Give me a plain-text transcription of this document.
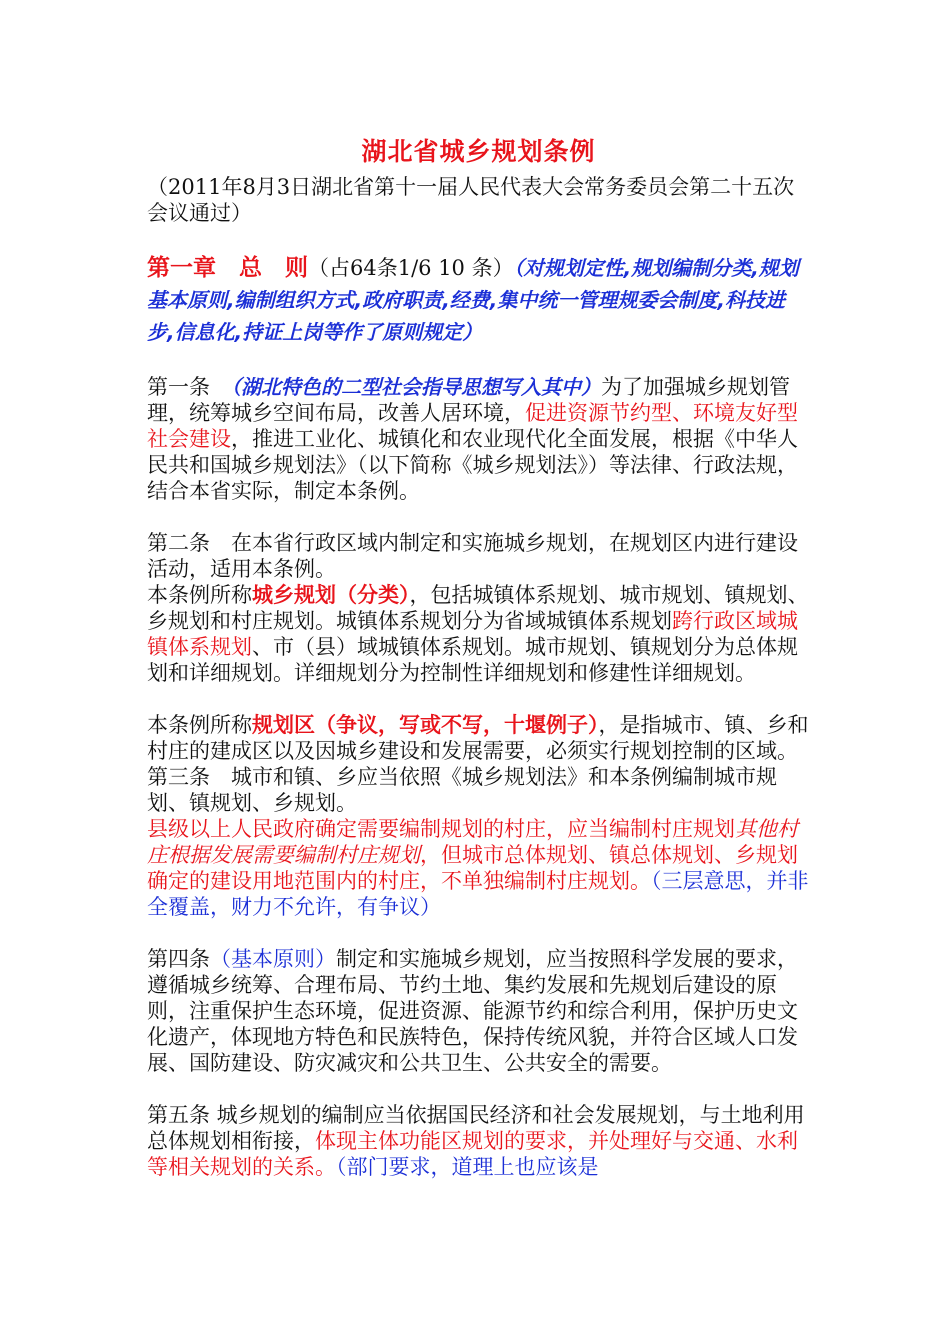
湖北省城乡规划条例

（2011年8月3日湖北省第十一届人民代表大会常务委员会第二十五次会议通过）

第一章　总　则（占64条1/6 10 条）（对规划定性,规划编制分类,规划基本原则,编制组织方式,政府职责,经费,集中统一管理规委会制度,科技进步,信息化,持证上岗等作了原则规定）

第一条　（湖北特色的二型社会指导思想写入其中）为了加强城乡规划管理，统筹城乡空间布局，改善人居环境，促进资源节约型、环境友好型社会建设，推进工业化、城镇化和农业现代化全面发展，根据《中华人民共和国城乡规划法》（以下简称《城乡规划法》）等法律、行政法规，结合本省实际，制定本条例。

第二条　在本省行政区域内制定和实施城乡规划，在规划区内进行建设活动，适用本条例。

本条例所称城乡规划（分类），包括城镇体系规划、城市规划、镇规划、乡规划和村庄规划。城镇体系规划分为省域城镇体系规划跨行政区域城镇体系规划、市（县）域城镇体系规划。城市规划、镇规划分为总体规划和详细规划。详细规划分为控制性详细规划和修建性详细规划。

本条例所称规划区（争议，写或不写，十堰例子），是指城市、镇、乡和村庄的建成区以及因城乡建设和发展需要，必须实行规划控制的区域。

第三条　城市和镇、乡应当依照《城乡规划法》和本条例编制城市规划、镇规划、乡规划。

县级以上人民政府确定需要编制规划的村庄，应当编制村庄规划其他村庄根据发展需要编制村庄规划，但城市总体规划、镇总体规划、乡规划确定的建设用地范围内的村庄，不单独编制村庄规划。（三层意思，并非全覆盖，财力不允许，有争议）

第四条（基本原则）制定和实施城乡规划，应当按照科学发展的要求，遵循城乡统筹、合理布局、节约土地、集约发展和先规划后建设的原则，注重保护生态环境，促进资源、能源节约和综合利用，保护历史文化遗产，体现地方特色和民族特色，保持传统风貌，并符合区域人口发展、国防建设、防灾减灾和公共卫生、公共安全的需要。

第五条 城乡规划的编制应当依据国民经济和社会发展规划，与土地利用总体规划相衔接，体现主体功能区规划的要求，并处理好与交通、水利等相关规划的关系。（部门要求，道理上也应该是
